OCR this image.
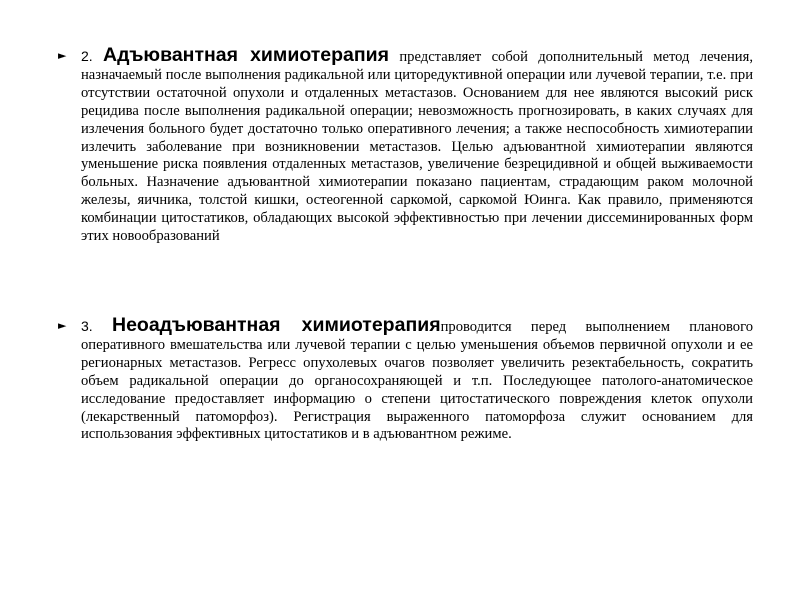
► 2. Адъювантная химиотерапия представляет собой дополнительный метод лечения, назначаемый после выполнения радикальной или циторедуктивной операции или лучевой терапии, т.е. при отсутствии остаточной опухоли и отдаленных метастазов. Основанием для нее являются высокий риск рецидива после выполнения радикальной операции; невозможность прогнозировать, в каких случаях для излечения больного будет достаточно только оперативного лечения; а также неспособность химиотерапии излечить заболевание при возникновении метастазов. Целью адъювантной химиотерапии являются уменьшение риска появления отдаленных метастазов, увеличение безрецидивной и общей выживаемости больных. Назначение адъювантной химиотерапии показано пациентам, страдающим раком молочной железы, яичника, толстой кишки, остеогенной саркомой, саркомой Юинга. Как правило, применяются комбинации цитостатиков, обладающих высокой эффективностью при лечении диссеминированных форм этих новообразований

► 3. Неоадъювантная химиотерапияпроводится перед выполнением планового оперативного вмешательства или лучевой терапии с целью уменьшения объемов первичной опухоли и ее регионарных метастазов. Регресс опухолевых очагов позволяет увеличить резектабельность, сократить объем радикальной операции до органосохраняющей и т.п. Последующее патолого-анатомическое исследование предоставляет информацию о степени цитостатического повреждения клеток опухоли (лекарственный патоморфоз). Регистрация выраженного патоморфоза служит основанием для использования эффективных цитостатиков и в адъювантном режиме.
